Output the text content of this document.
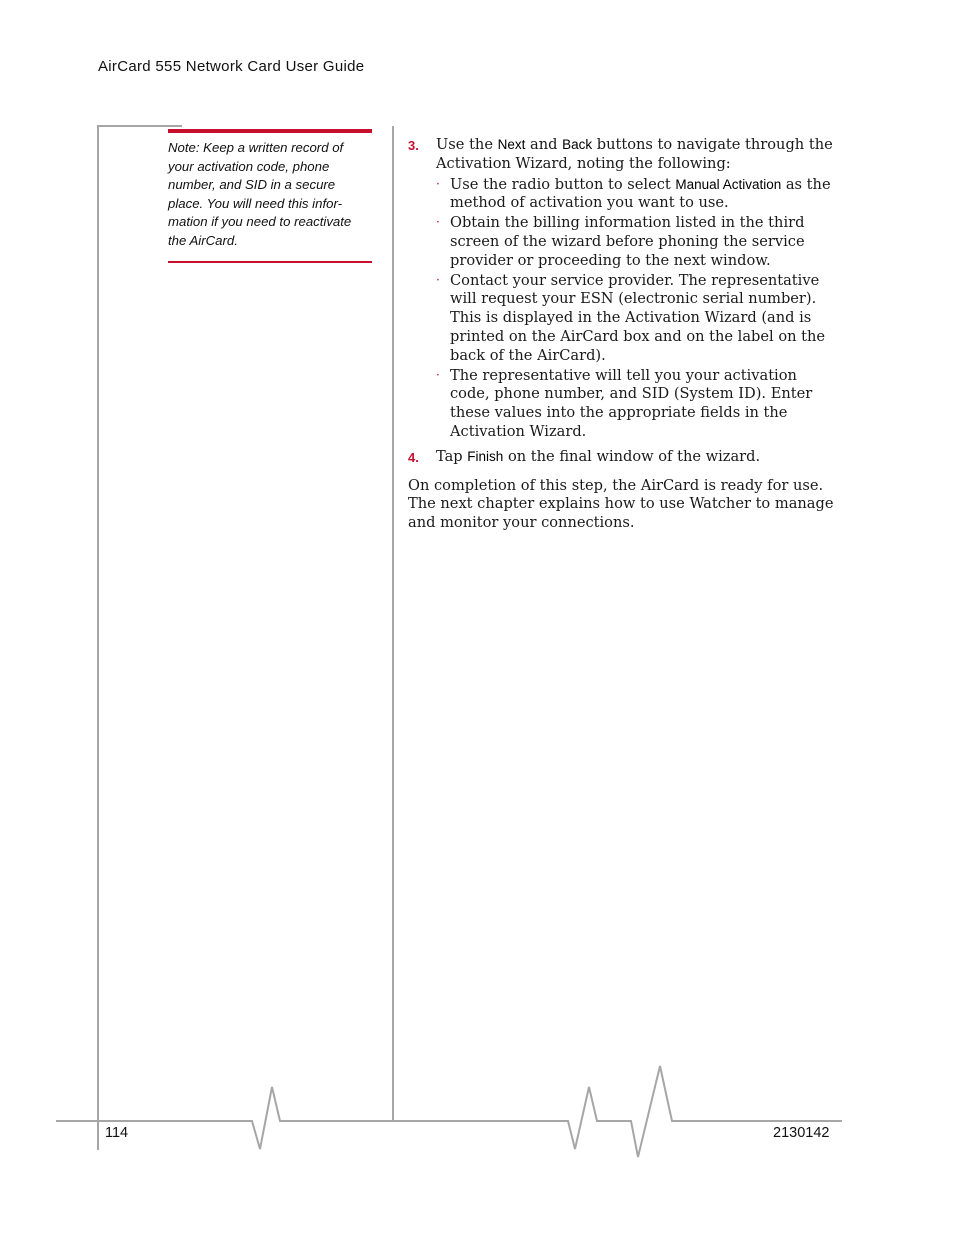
AirCard 555 Network Card User Guide

Note: Keep a written record of your activation code, phone number, and SID in a secure place. You will need this infor-mation if you need to reactivate the AirCard.

3. Use the Next and Back buttons to navigate through the Activation Wizard, noting the following:
· Use the radio button to select Manual Activation as the method of activation you want to use.
· Obtain the billing information listed in the third screen of the wizard before phoning the service provider or proceeding to the next window.
· Contact your service provider. The representative will request your ESN (electronic serial number). This is displayed in the Activation Wizard (and is printed on the AirCard box and on the label on the back of the AirCard).
· The representative will tell you your activation code, phone number, and SID (System ID). Enter these values into the appropriate fields in the Activation Wizard.
4. Tap Finish on the final window of the wizard.

On completion of this step, the AirCard is ready for use. The next chapter explains how to use Watcher to manage and monitor your connections.

114	2130142
